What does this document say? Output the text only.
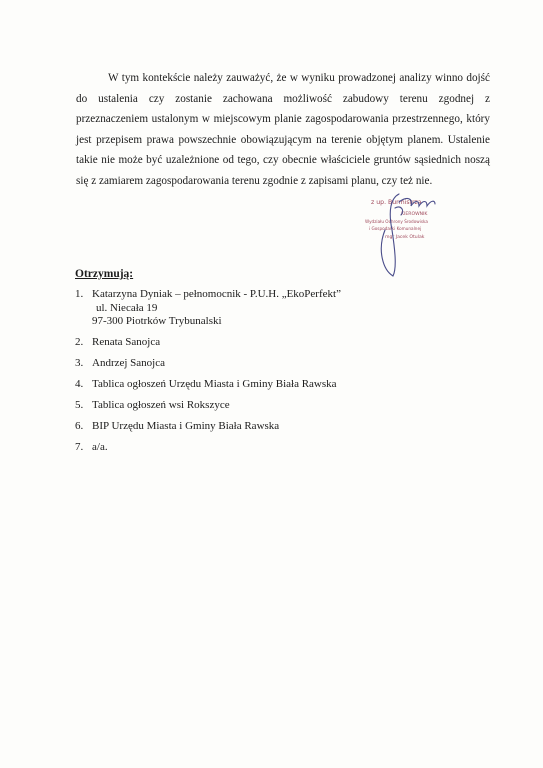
W tym kontekście należy zauważyć, że w wyniku prowadzonej analizy winno dojść do ustalenia czy zostanie zachowana możliwość zabudowy terenu zgodnej z przeznaczeniem ustalonym w miejscowym planie zagospodarowania przestrzennego, który jest przepisem prawa powszechnie obowiązującym na terenie objętym planem. Ustalenie takie nie może być uzależnione od tego, czy obecnie właściciele gruntów sąsiednich noszą się z zamiarem zagospodarowania terenu zgodnie z zapisami planu, czy też nie.

z up. Burmistrza
KIEROWNIK
Wydziału Ochrony Środowiska
i Gospodarki Komunalnej
mgr Jacek Otulak

Otrzymują:

1. Katarzyna Dyniak – pełnomocnik - P.U.H. „EkoPerfekt”
ul. Niecała 19
97-300 Piotrków Trybunalski
2. Renata Sanojca
3. Andrzej Sanojca
4. Tablica ogłoszeń Urzędu Miasta i Gminy Biała Rawska
5. Tablica ogłoszeń wsi Rokszyce
6. BIP Urzędu Miasta i Gminy Biała Rawska
7. a/a.
